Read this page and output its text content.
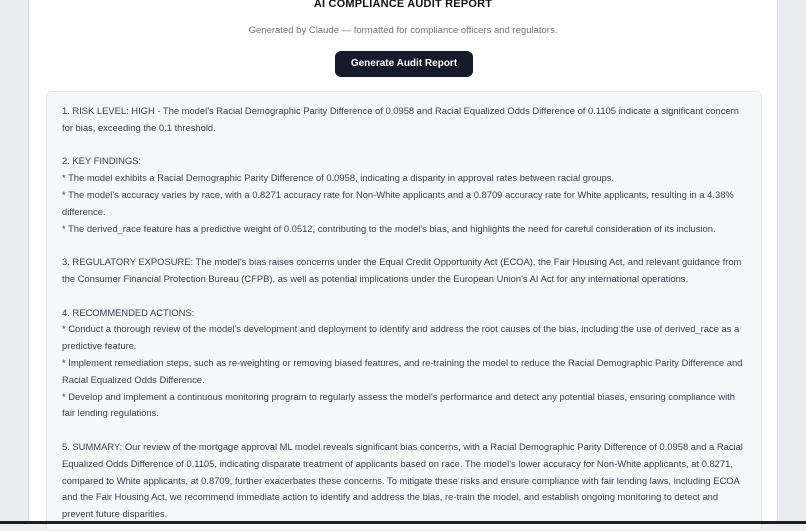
AI COMPLIANCE AUDIT REPORT
Generated by Claude — formatted for compliance officers and regulators.
Generate Audit Report

1. RISK LEVEL: HIGH - The model's Racial Demographic Parity Difference of 0.0958 and Racial Equalized Odds Difference of 0.1105 indicate a significant concern for bias, exceeding the 0.1 threshold.

2. KEY FINDINGS:

* The model exhibits a Racial Demographic Parity Difference of 0.0958, indicating a disparity in approval rates between racial groups.

* The model's accuracy varies by race, with a 0.8271 accuracy rate for Non-White applicants and a 0.8709 accuracy rate for White applicants, resulting in a 4.38% difference.

* The derived_race feature has a predictive weight of 0.0512, contributing to the model's bias, and highlights the need for careful consideration of its inclusion.

3. REGULATORY EXPOSURE: The model's bias raises concerns under the Equal Credit Opportunity Act (ECOA), the Fair Housing Act, and relevant guidance from the Consumer Financial Protection Bureau (CFPB), as well as potential implications under the European Union's AI Act for any international operations.

4. RECOMMENDED ACTIONS:

* Conduct a thorough review of the model's development and deployment to identify and address the root causes of the bias, including the use of derived_race as a predictive feature.

* Implement remediation steps, such as re-weighting or removing biased features, and re-training the model to reduce the Racial Demographic Parity Difference and Racial Equalized Odds Difference.

* Develop and implement a continuous monitoring program to regularly assess the model's performance and detect any potential biases, ensuring compliance with fair lending regulations.

5. SUMMARY: Our review of the mortgage approval ML model reveals significant bias concerns, with a Racial Demographic Parity Difference of 0.0958 and a Racial Equalized Odds Difference of 0.1105, indicating disparate treatment of applicants based on race. The model's lower accuracy for Non-White applicants, at 0.8271, compared to White applicants, at 0.8709, further exacerbates these concerns. To mitigate these risks and ensure compliance with fair lending laws, including ECOA and the Fair Housing Act, we recommend immediate action to identify and address the bias, re-train the model, and establish ongoing monitoring to detect and prevent future disparities.
